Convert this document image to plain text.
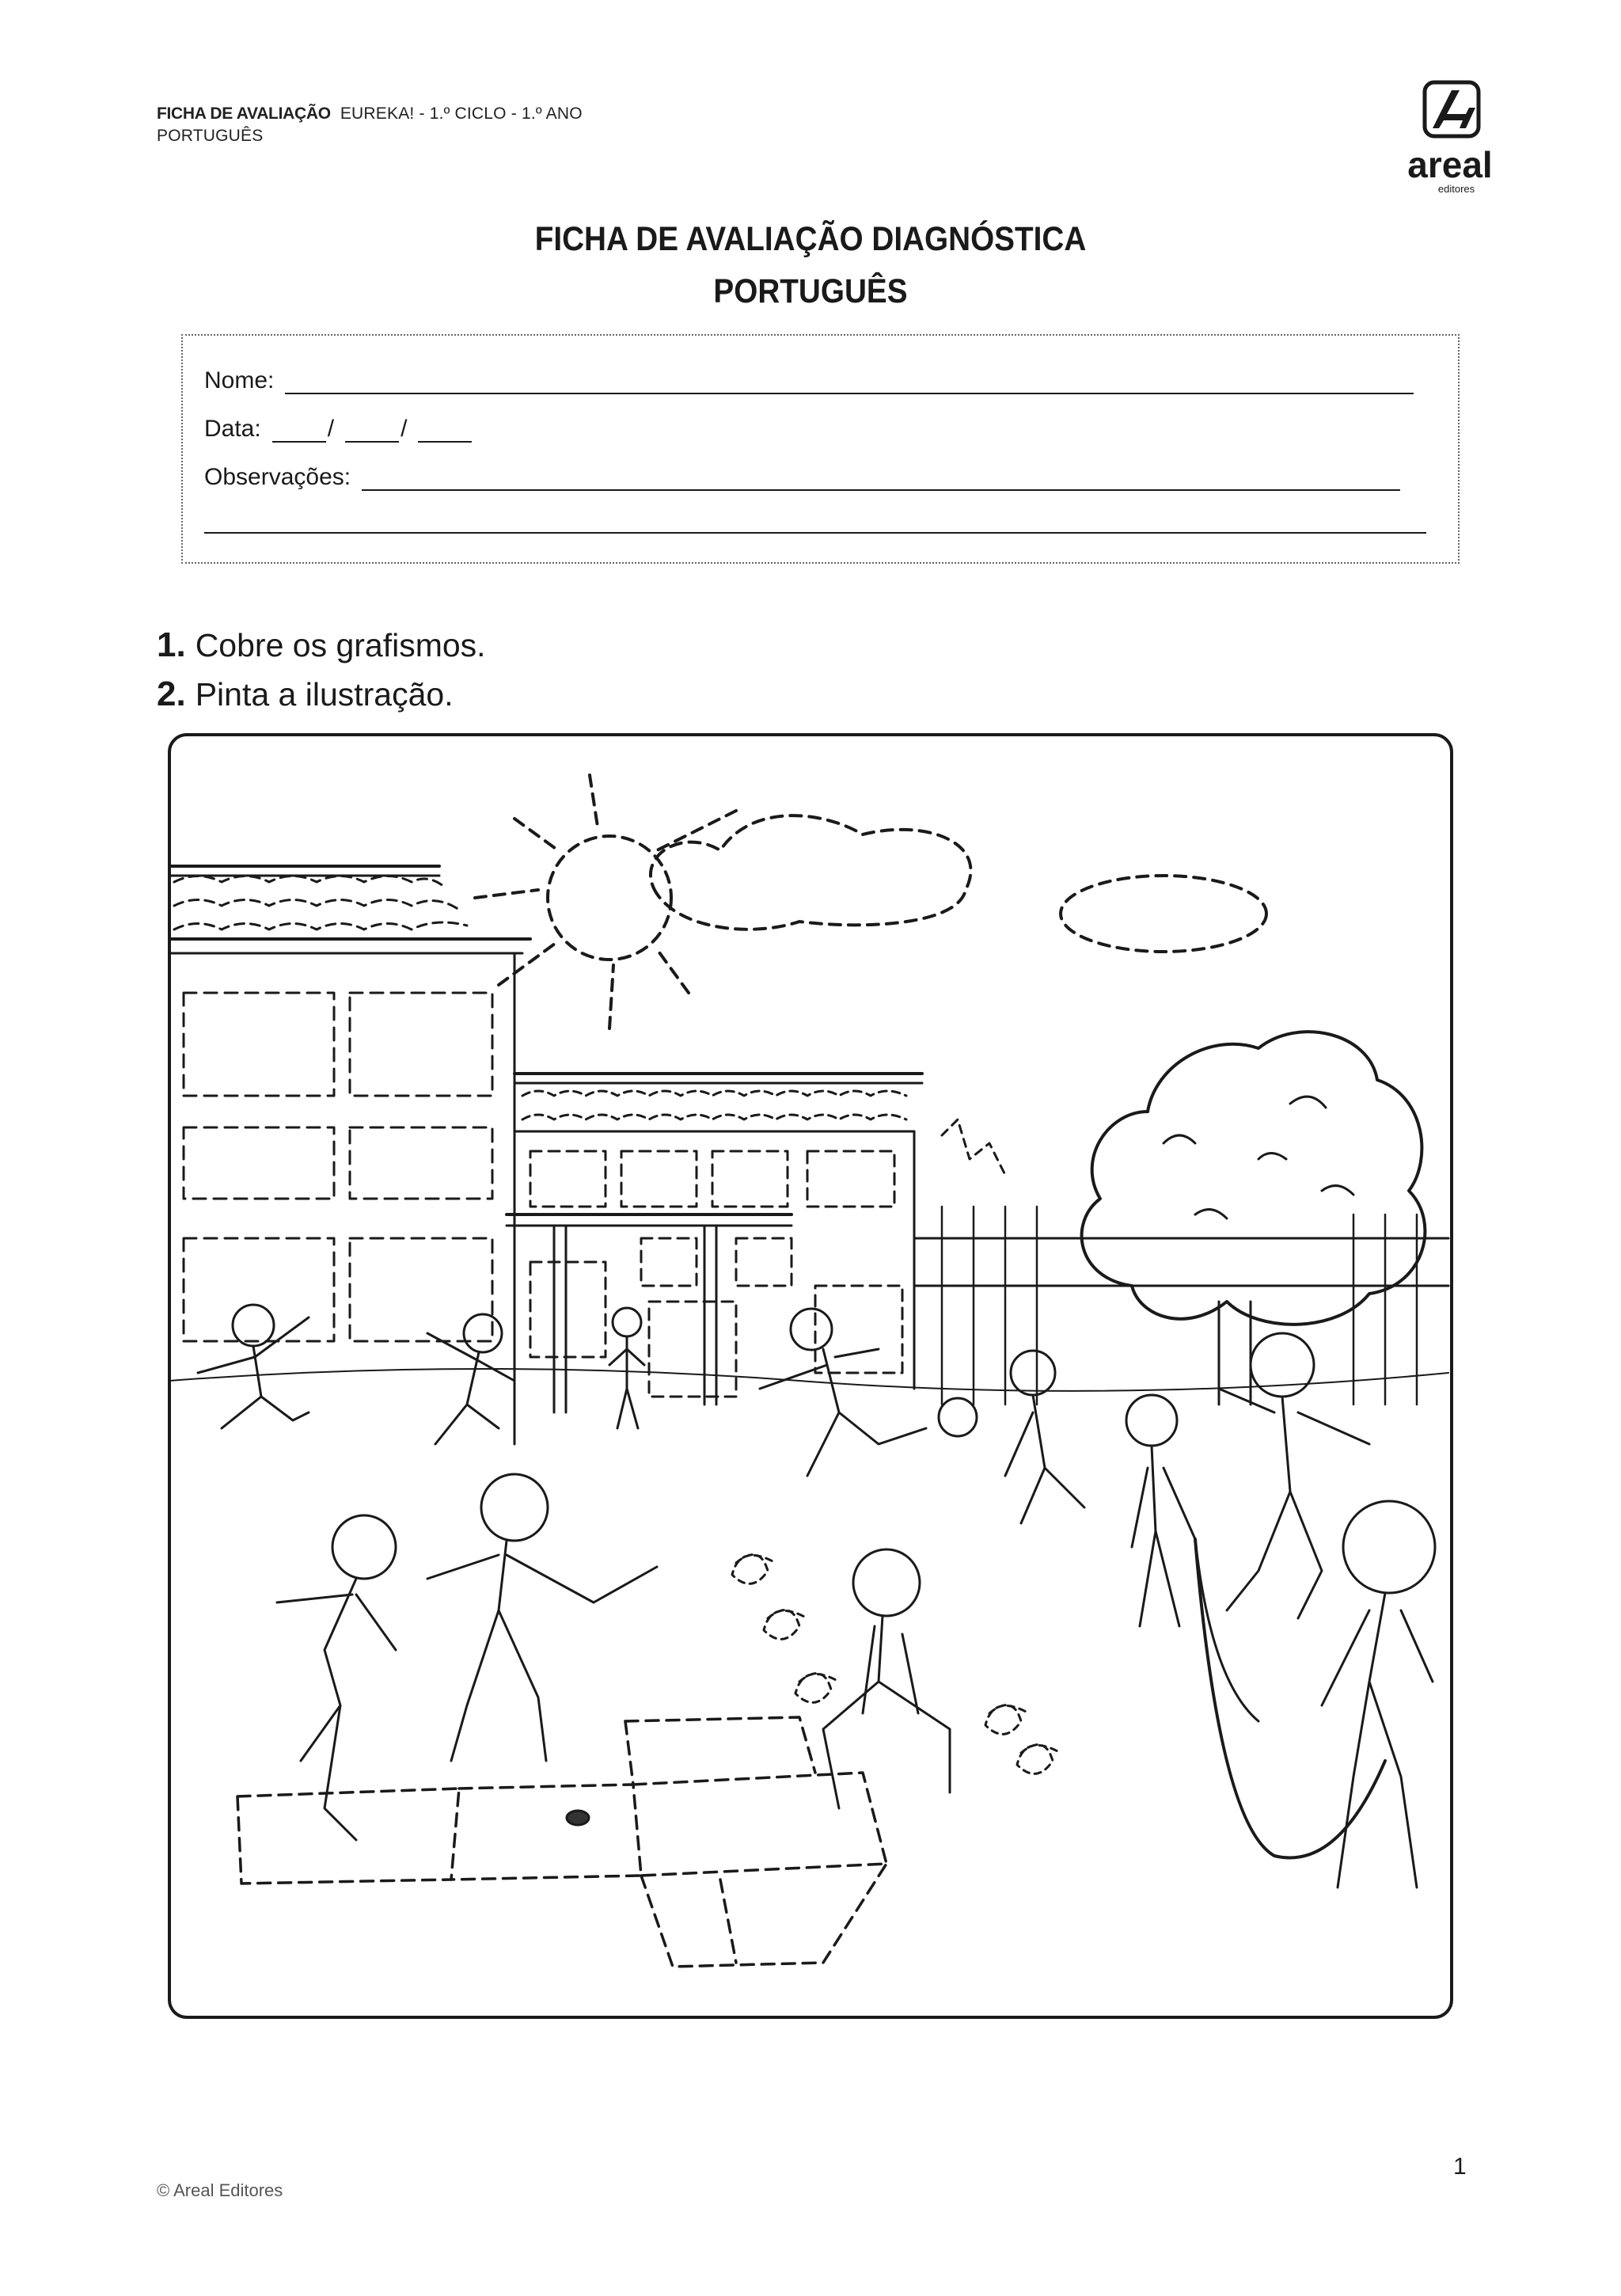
FICHA DE AVALIAÇÃO EUREKA! - 1.º CICLO - 1.º ANO
PORTUGUÊS
areal
editores
FICHA DE AVALIAÇÃO DIAGNÓSTICA
PORTUGUÊS
Nome:
Data:	/	/
Observações:
1. Cobre os grafismos.
2. Pinta a ilustração.
© Areal Editores
1
